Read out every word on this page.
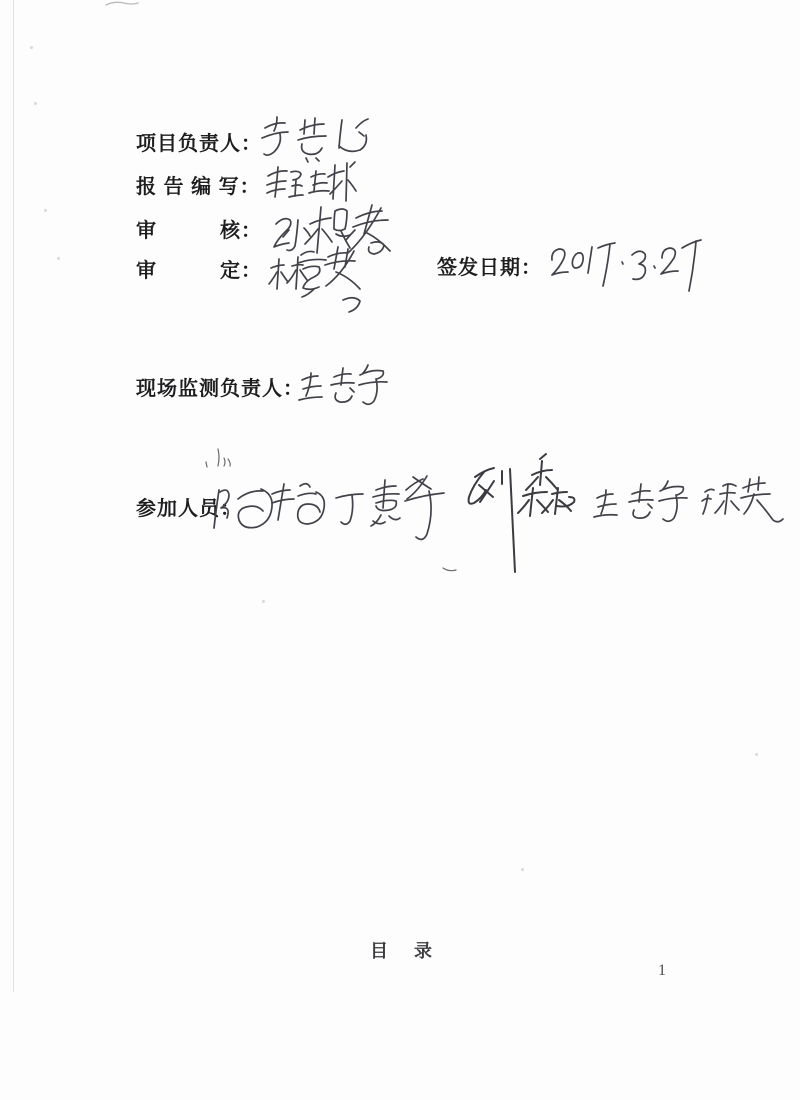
项目负责人：
报 告 编 写：
审　　　核：
审　　　定：	签发日期：
现场监测负责人：
参加人员：
目　录
1
